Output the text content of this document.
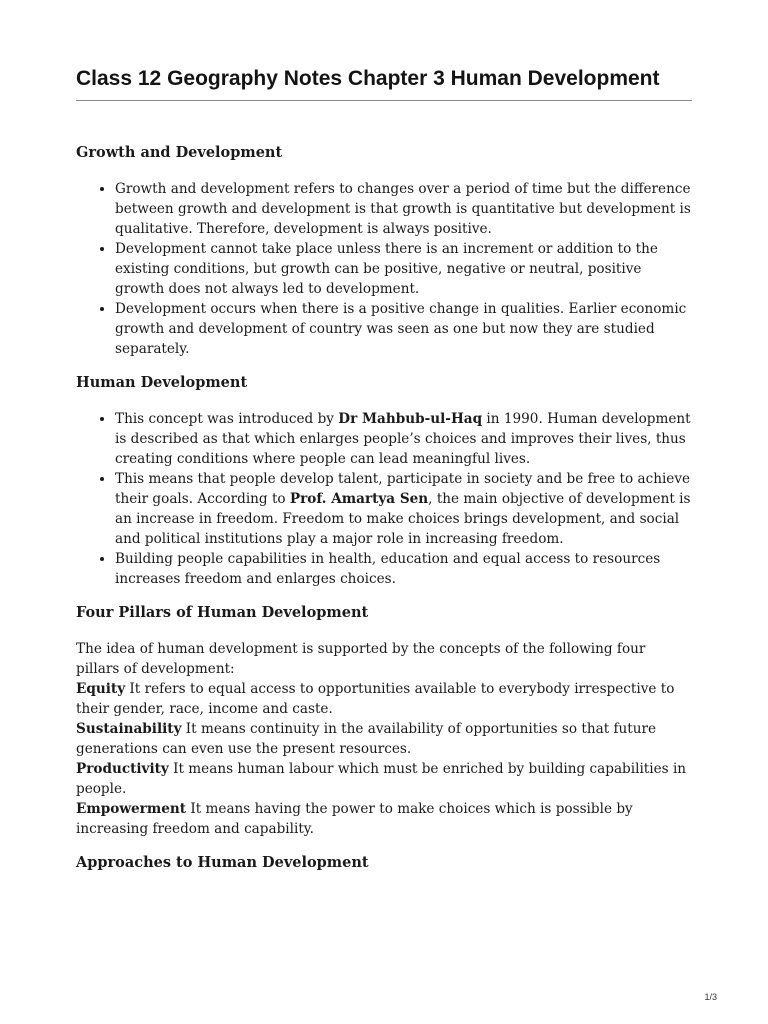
Class 12 Geography Notes Chapter 3 Human Development
Growth and Development
• Growth and development refers to changes over a period of time but the difference between growth and development is that growth is quantitative but development is qualitative. Therefore, development is always positive.
• Development cannot take place unless there is an increment or addition to the existing conditions, but growth can be positive, negative or neutral, positive growth does not always led to development.
• Development occurs when there is a positive change in qualities. Earlier economic growth and development of country was seen as one but now they are studied separately.
Human Development
• This concept was introduced by Dr Mahbub-ul-Haq in 1990. Human development is described as that which enlarges people’s choices and improves their lives, thus creating conditions where people can lead meaningful lives.
• This means that people develop talent, participate in society and be free to achieve their goals. According to Prof. Amartya Sen, the main objective of development is an increase in freedom. Freedom to make choices brings development, and social and political institutions play a major role in increasing freedom.
• Building people capabilities in health, education and equal access to resources increases freedom and enlarges choices.
Four Pillars of Human Development

The idea of human development is supported by the concepts of the following four pillars of development:

Equity It refers to equal access to opportunities available to everybody irrespective to their gender, race, income and caste.

Sustainability It means continuity in the availability of opportunities so that future generations can even use the present resources.

Productivity It means human labour which must be enriched by building capabilities in people.

Empowerment It means having the power to make choices which is possible by increasing freedom and capability.

Approaches to Human Development
1/3
